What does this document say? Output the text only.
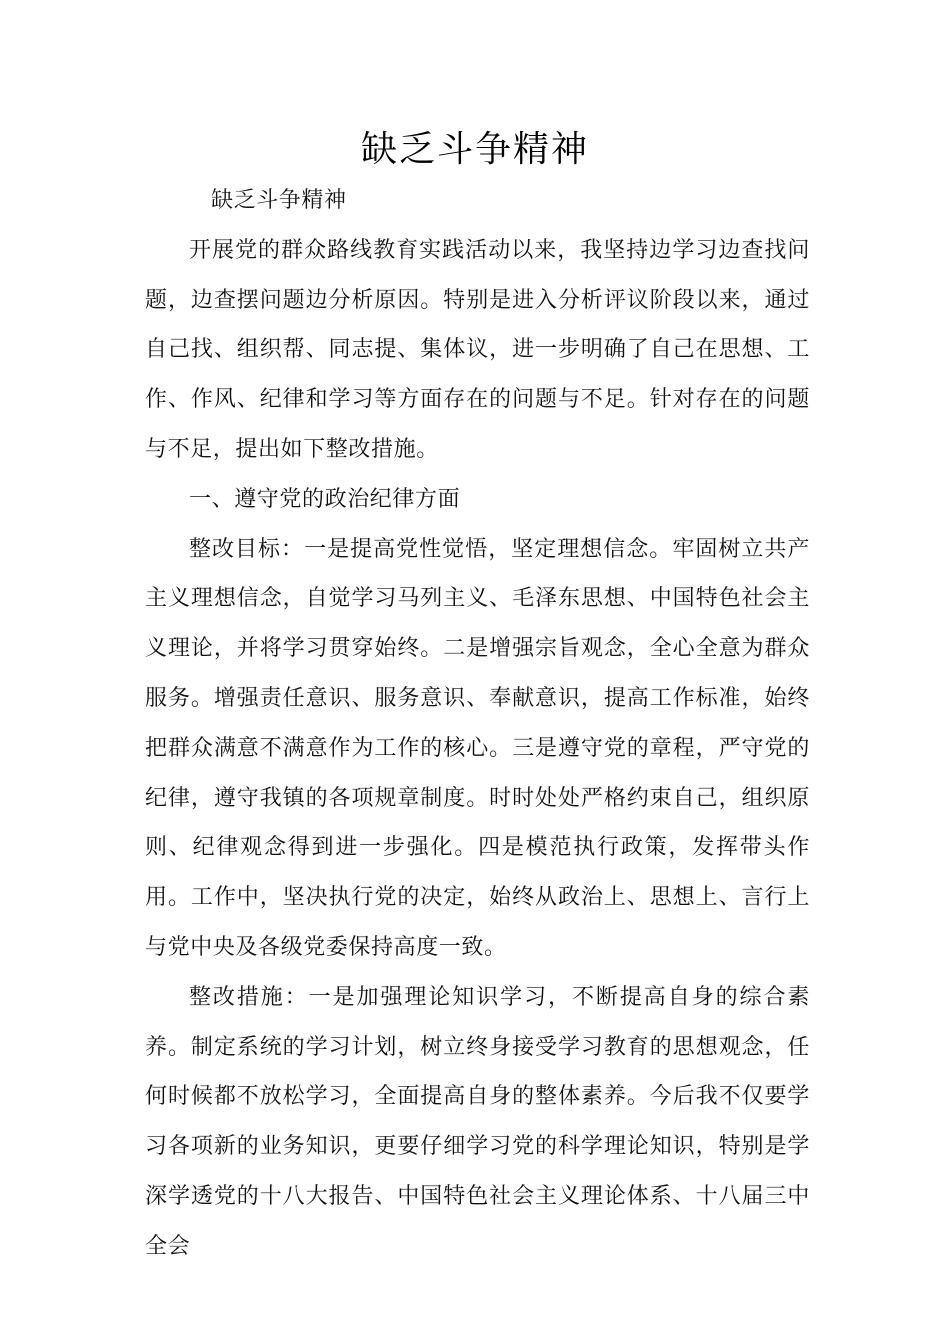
缺乏斗争精神

缺乏斗争精神

开展党的群众路线教育实践活动以来，我坚持边学习边查找问题，边查摆问题边分析原因。特别是进入分析评议阶段以来，通过自己找、组织帮、同志提、集体议，进一步明确了自己在思想、工作、作风、纪律和学习等方面存在的问题与不足。针对存在的问题与不足，提出如下整改措施。

一、遵守党的政治纪律方面

整改目标：一是提高党性觉悟，坚定理想信念。牢固树立共产主义理想信念，自觉学习马列主义、毛泽东思想、中国特色社会主义理论，并将学习贯穿始终。二是增强宗旨观念，全心全意为群众服务。增强责任意识、服务意识、奉献意识，提高工作标准，始终把群众满意不满意作为工作的核心。三是遵守党的章程，严守党的纪律，遵守我镇的各项规章制度。时时处处严格约束自己，组织原则、纪律观念得到进一步强化。四是模范执行政策，发挥带头作用。工作中，坚决执行党的决定，始终从政治上、思想上、言行上与党中央及各级党委保持高度一致。

整改措施：一是加强理论知识学习，不断提高自身的综合素养。制定系统的学习计划，树立终身接受学习教育的思想观念，任何时候都不放松学习，全面提高自身的整体素养。今后我不仅要学习各项新的业务知识，更要仔细学习党的科学理论知识，特别是学深学透党的十八大报告、中国特色社会主义理论体系、十八届三中全会
